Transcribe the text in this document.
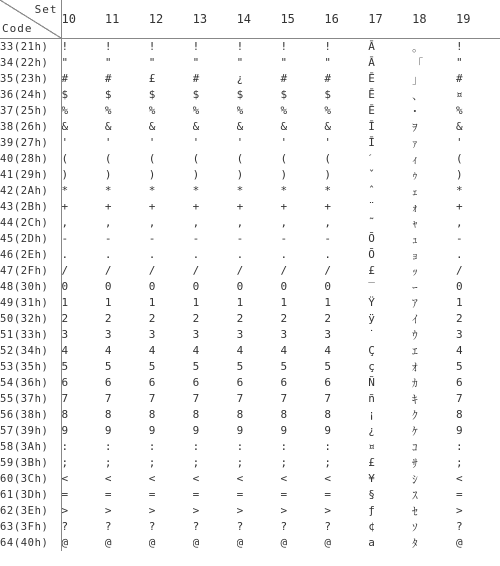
Set
Code	10	11	12	13	14	15	16	17	18	19
33(21h)	!	!	!	!	!	!	!	Ā	｡	!
34(22h)	"	"	"	"	"	"	"	Ā	「	"
35(23h)	#	#	£	#	¿	#	#	Ē	」	#
36(24h)	$	$	$	$	$	$	$	Ē	、	¤
37(25h)	%	%	%	%	%	%	%	Ē	･	%
38(26h)	&	&	&	&	&	&	&	Ī	ｦ	&
39(27h)	'	'	'	'	'	'	'	Ī	ｧ	'
40(28h)	(	(	(	(	(	(	(	ˊ	ｨ	(
41(29h)	)	)	)	)	)	)	)	ˇ	ｩ	)
42(2Ah)	*	*	*	*	*	*	*	ˆ	ｪ	*
43(2Bh)	+	+	+	+	+	+	+	¨	ｫ	+
44(2Ch)	,	,	,	,	,	,	,	˜	ｬ	,
45(2Dh)	-	-	-	-	-	-	-	Ō	ｭ	-
46(2Eh)	.	.	.	.	.	.	.	Ō	ｮ	.
47(2Fh)	/	/	/	/	/	/	/	£	ｯ	/
48(30h)	0	0	0	0	0	0	0	‾	ｰ	0
49(31h)	1	1	1	1	1	1	1	Ÿ	ｱ	1
50(32h)	2	2	2	2	2	2	2	ÿ	ｲ	2
51(33h)	3	3	3	3	3	3	3	˙	ｳ	3
52(34h)	4	4	4	4	4	4	4	Ç	ｴ	4
53(35h)	5	5	5	5	5	5	5	ç	ｵ	5
54(36h)	6	6	6	6	6	6	6	Ñ	ｶ	6
55(37h)	7	7	7	7	7	7	7	ñ	ｷ	7
56(38h)	8	8	8	8	8	8	8	¡	ｸ	8
57(39h)	9	9	9	9	9	9	9	¿	ｹ	9
58(3Ah)	:	:	:	:	:	:	:	¤	ｺ	:
59(3Bh)	;	;	;	;	;	;	;	£	ｻ	;
60(3Ch)	<	<	<	<	<	<	<	¥	ｼ	<
61(3Dh)	=	=	=	=	=	=	=	§	ｽ	=
62(3Eh)	>	>	>	>	>	>	>	ƒ	ｾ	>
63(3Fh)	?	?	?	?	?	?	?	¢	ｿ	?
64(40h)	@	@	@	@	@	@	@	a	ﾀ	@
